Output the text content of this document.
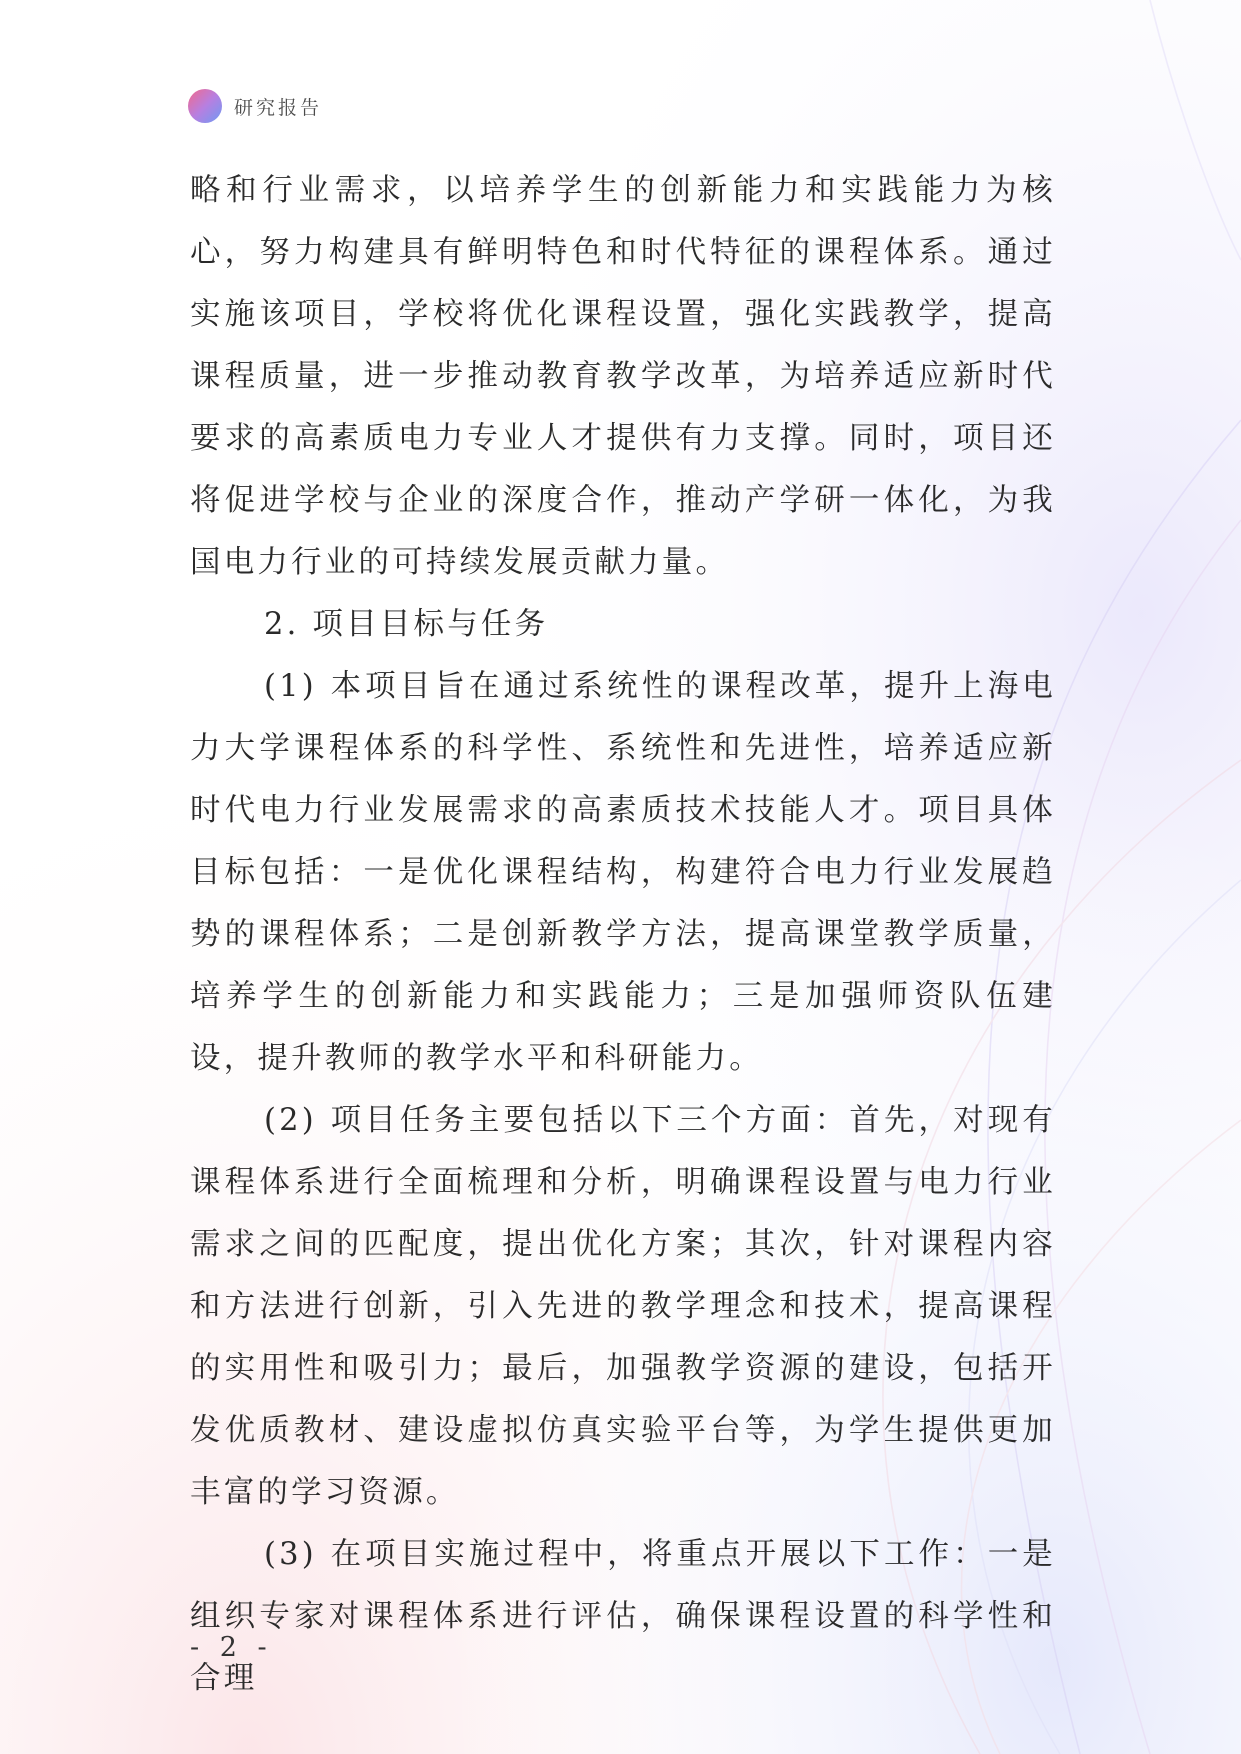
研究报告

略和行业需求，以培养学生的创新能力和实践能力为核心，努力构建具有鲜明特色和时代特征的课程体系。通过实施该项目，学校将优化课程设置，强化实践教学，提高课程质量，进一步推动教育教学改革，为培养适应新时代要求的高素质电力专业人才提供有力支撑。同时，项目还将促进学校与企业的深度合作，推动产学研一体化，为我国电力行业的可持续发展贡献力量。

2. 项目目标与任务

(1) 本项目旨在通过系统性的课程改革，提升上海电力大学课程体系的科学性、系统性和先进性，培养适应新时代电力行业发展需求的高素质技术技能人才。项目具体目标包括：一是优化课程结构，构建符合电力行业发展趋势的课程体系；二是创新教学方法，提高课堂教学质量，培养学生的创新能力和实践能力；三是加强师资队伍建设，提升教师的教学水平和科研能力。

(2) 项目任务主要包括以下三个方面：首先，对现有课程体系进行全面梳理和分析，明确课程设置与电力行业需求之间的匹配度，提出优化方案；其次，针对课程内容和方法进行创新，引入先进的教学理念和技术，提高课程的实用性和吸引力；最后，加强教学资源的建设，包括开发优质教材、建设虚拟仿真实验平台等，为学生提供更加丰富的学习资源。

(3) 在项目实施过程中，将重点开展以下工作：一是组织专家对课程体系进行评估，确保课程设置的科学性和合理

- 2 -
